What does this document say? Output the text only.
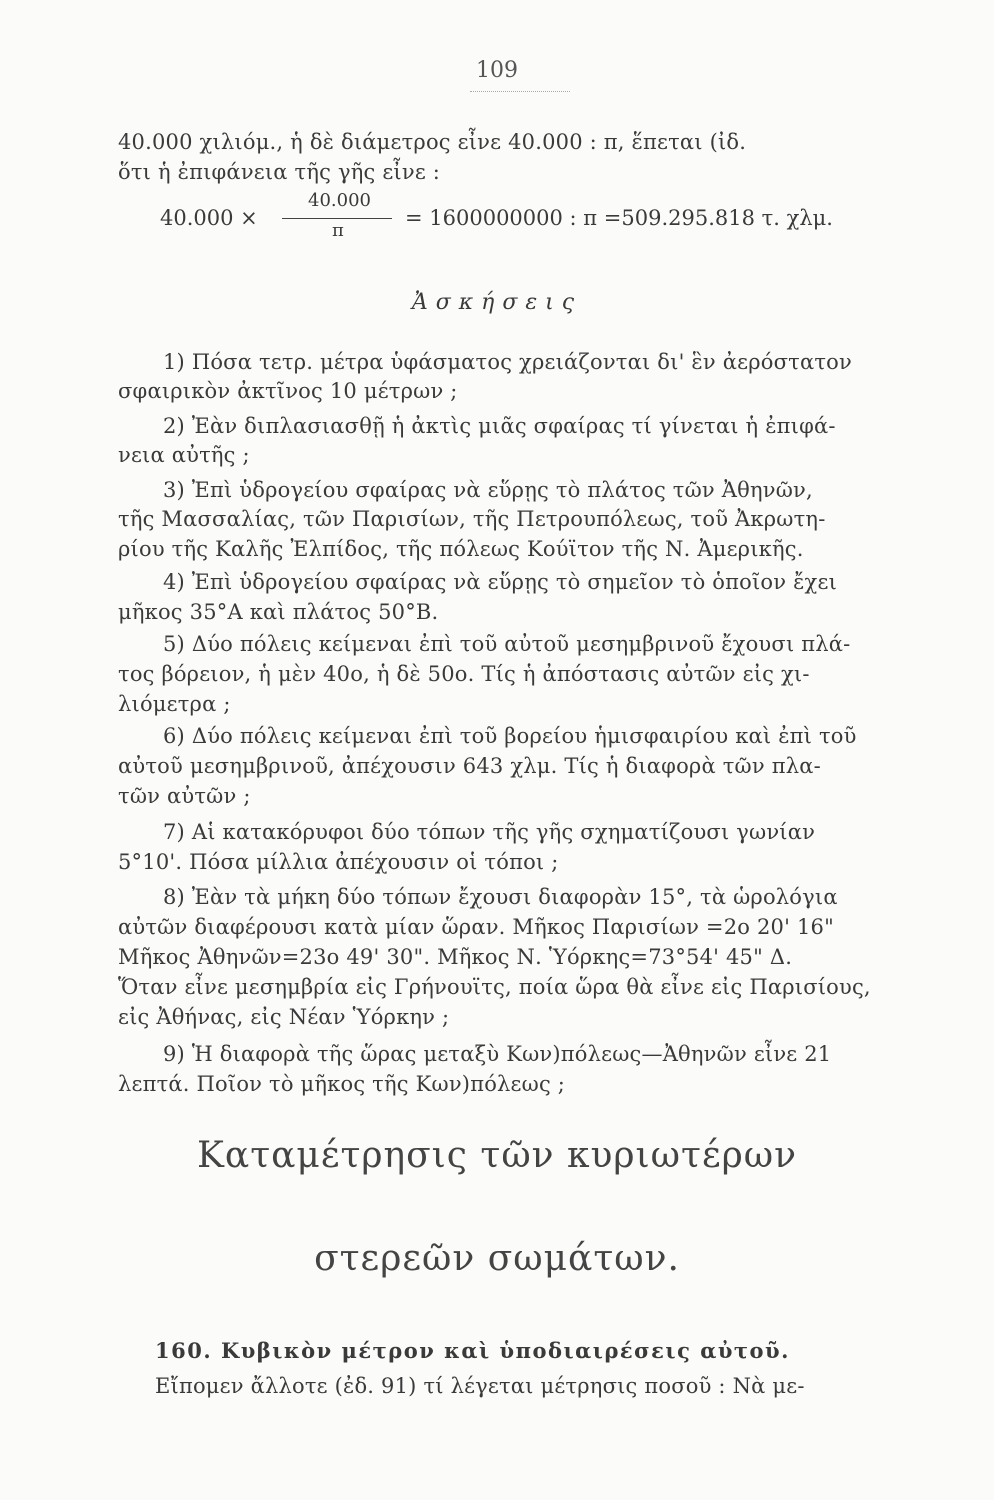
109
40.000 χιλιόμ., ἡ δὲ διάμετρος εἶνε 40.000 : π, ἕπεται (ἰδ.
ὅτι ἡ ἐπιφάνεια τῆς γῆς εἶνε :
40.000 ×
40.000
π
= 1600000000 : π =509.295.818 τ. χλμ.
Ἀσκήσεις
1) Πόσα τετρ. μέτρα ὑφάσματος χρειάζονται δι' ἓν ἀερόστατον
σφαιρικὸν ἀκτῖνος 10 μέτρων ;
2) Ἐὰν διπλασιασθῇ ἡ ἀκτὶς μιᾶς σφαίρας τί γίνεται ἡ ἐπιφά-
νεια αὐτῆς ;
3) Ἐπὶ ὑδρογείου σφαίρας νὰ εὕρῃς τὸ πλάτος τῶν Ἀθηνῶν,
τῆς Μασσαλίας, τῶν Παρισίων, τῆς Πετρουπόλεως, τοῦ Ἀκρωτη-
ρίου τῆς Καλῆς Ἐλπίδος, τῆς πόλεως Κούϊτον τῆς Ν. Ἀμερικῆς.
4) Ἐπὶ ὑδρογείου σφαίρας νὰ εὕρῃς τὸ σημεῖον τὸ ὁποῖον ἔχει
μῆκος 35°Α καὶ πλάτος 50°Β.
5) Δύο πόλεις κείμεναι ἐπὶ τοῦ αὐτοῦ μεσημβρινοῦ ἔχουσι πλά-
τος βόρειον, ἡ μὲν 40ο, ἡ δὲ 50ο. Τίς ἡ ἀπόστασις αὐτῶν εἰς χι-
λιόμετρα ;
6) Δύο πόλεις κείμεναι ἐπὶ τοῦ βορείου ἡμισφαιρίου καὶ ἐπὶ τοῦ
αὐτοῦ μεσημβρινοῦ, ἀπέχουσιν 643 χλμ. Τίς ἡ διαφορὰ τῶν πλα-
τῶν αὐτῶν ;
7) Αἱ κατακόρυφοι δύο τόπων τῆς γῆς σχηματίζουσι γωνίαν
5°10'. Πόσα μίλλια ἀπέχουσιν οἱ τόποι ;
8) Ἐὰν τὰ μήκη δύο τόπων ἔχουσι διαφορὰν 15°, τὰ ὡρολόγια
αὐτῶν διαφέρουσι κατὰ μίαν ὥραν. Μῆκος Παρισίων =2ο 20' 16"
Μῆκος Ἀθηνῶν=23ο 49' 30". Μῆκος Ν. Ὑόρκης=73°54' 45" Δ.
Ὅταν εἶνε μεσημβρία εἰς Γρήνουϊτς, ποία ὥρα θὰ εἶνε εἰς Παρισίους,
εἰς Ἀθήνας, εἰς Νέαν Ὑόρκην ;
9) Ἡ διαφορὰ τῆς ὥρας μεταξὺ Κων)πόλεως—Ἀθηνῶν εἶνε 21
λεπτά. Ποῖον τὸ μῆκος τῆς Κων)πόλεως ;
Καταμέτρησις τῶν κυριωτέρων
στερεῶν σωμάτων.
160. Κυβικὸν μέτρον καὶ ὑποδιαιρέσεις αὐτοῦ.
Εἴπομεν ἄλλοτε (ἐδ. 91) τί λέγεται μέτρησις ποσοῦ : Νὰ με-
